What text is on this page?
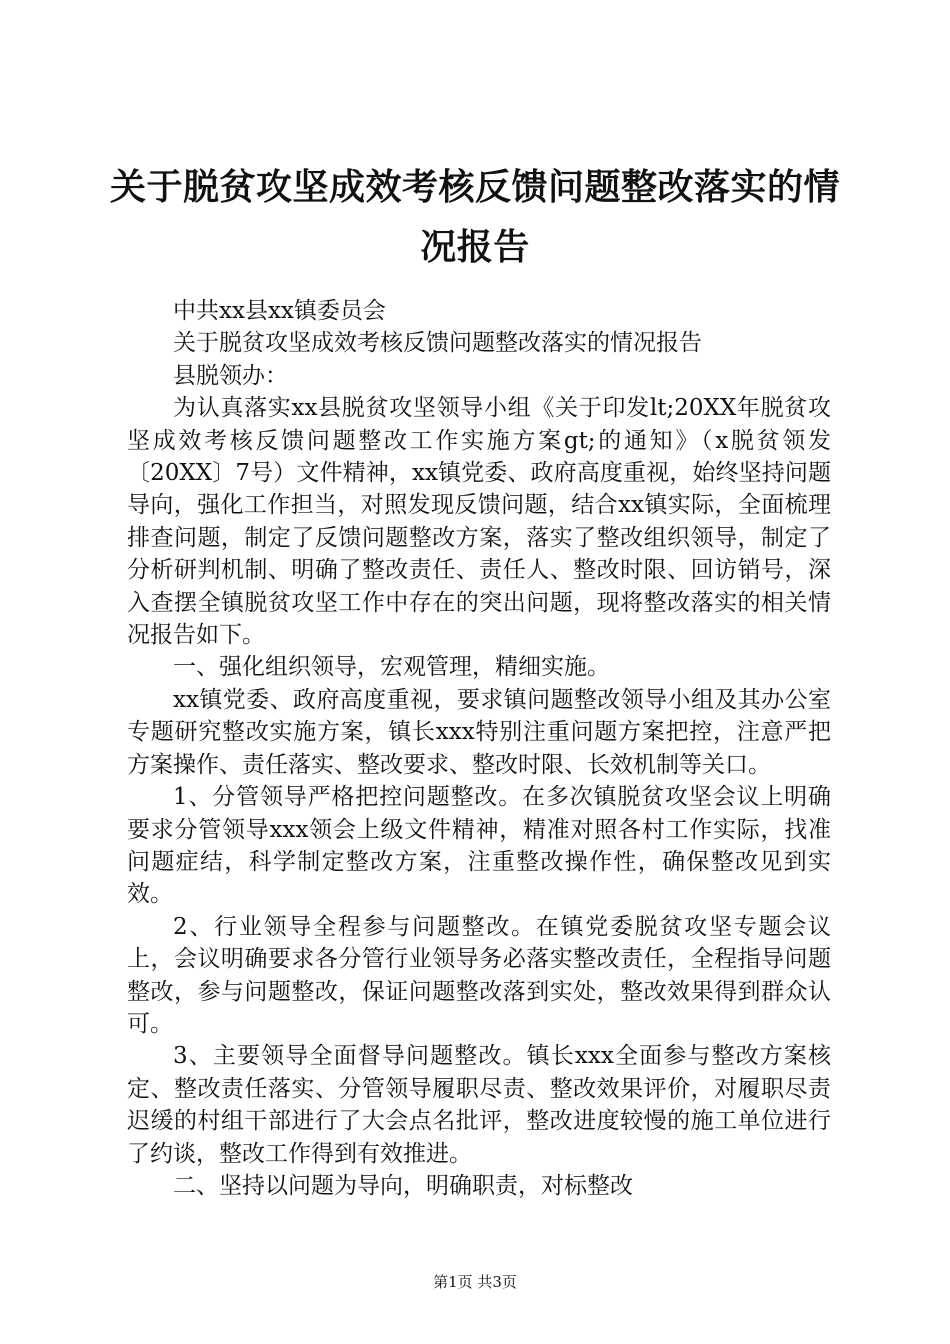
关于脱贫攻坚成效考核反馈问题整改落实的情况报告

中共xx县xx镇委员会

关于脱贫攻坚成效考核反馈问题整改落实的情况报告

县脱领办：

为认真落实xx县脱贫攻坚领导小组《关于印发lt;20XX年脱贫攻坚成效考核反馈问题整改工作实施方案gt;的通知》（x脱贫领发〔20XX〕7号）文件精神，xx镇党委、政府高度重视，始终坚持问题导向，强化工作担当，对照发现反馈问题，结合xx镇实际，全面梳理排查问题，制定了反馈问题整改方案，落实了整改组织领导，制定了分析研判机制、明确了整改责任、责任人、整改时限、回访销号，深入查摆全镇脱贫攻坚工作中存在的突出问题，现将整改落实的相关情况报告如下。

一、强化组织领导，宏观管理，精细实施。

xx镇党委、政府高度重视，要求镇问题整改领导小组及其办公室专题研究整改实施方案，镇长xxx特别注重问题方案把控，注意严把方案操作、责任落实、整改要求、整改时限、长效机制等关口。

1、分管领导严格把控问题整改。在多次镇脱贫攻坚会议上明确要求分管领导xxx领会上级文件精神，精准对照各村工作实际，找准问题症结，科学制定整改方案，注重整改操作性，确保整改见到实效。

2、行业领导全程参与问题整改。在镇党委脱贫攻坚专题会议上，会议明确要求各分管行业领导务必落实整改责任，全程指导问题整改，参与问题整改，保证问题整改落到实处，整改效果得到群众认可。

3、主要领导全面督导问题整改。镇长xxx全面参与整改方案核定、整改责任落实、分管领导履职尽责、整改效果评价，对履职尽责迟缓的村组干部进行了大会点名批评，整改进度较慢的施工单位进行了约谈，整改工作得到有效推进。

二、坚持以问题为导向，明确职责，对标整改

第1页 共3页
